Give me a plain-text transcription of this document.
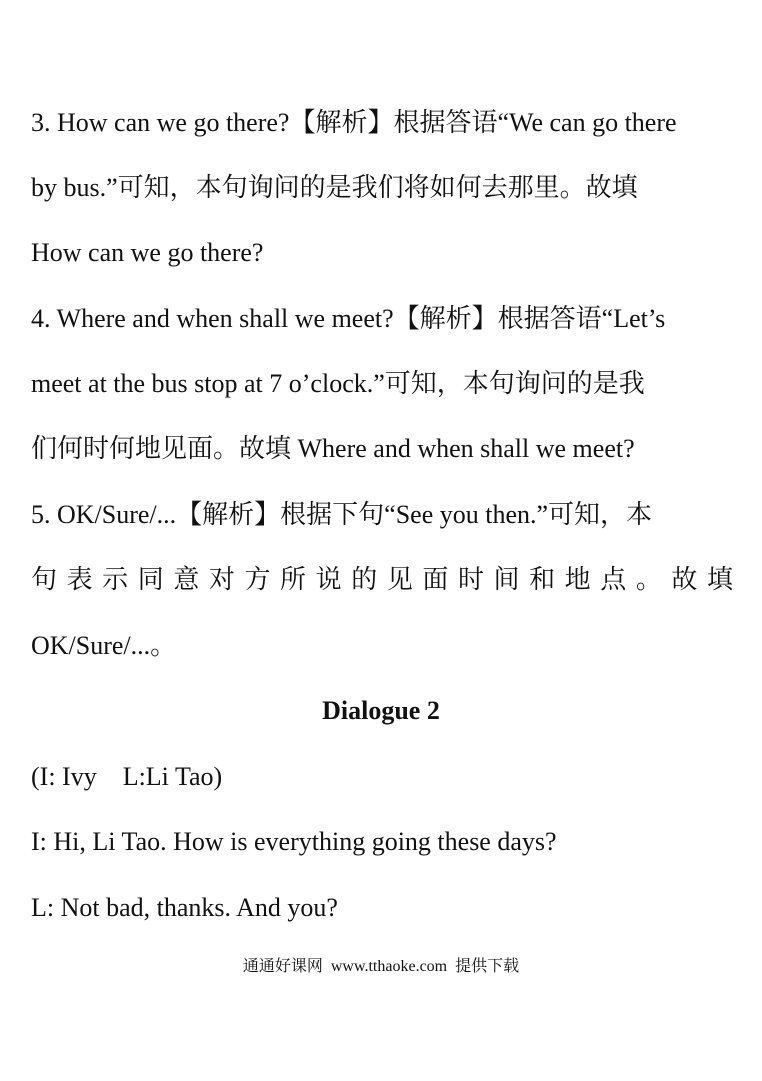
3. How can we go there?【解析】根据答语“We can go there
by bus.”可知，本句询问的是我们将如何去那里。故填
How can we go there?
4. Where and when shall we meet?【解析】根据答语“Let’s
meet at the bus stop at 7 o’clock.”可知，本句询问的是我
们何时何地见面。故填 Where and when shall we meet?
5. OK/Sure/...【解析】根据下句“See you then.”可知，本
句 表 示 同 意 对 方 所 说 的 见 面 时 间 和 地 点 。 故 填
OK/Sure/...。
Dialogue 2
(I: Ivy    L:Li Tao)
I: Hi, Li Tao. How is everything going these days?
L: Not bad, thanks. And you?
通通好课网  www.tthaoke.com  提供下载
